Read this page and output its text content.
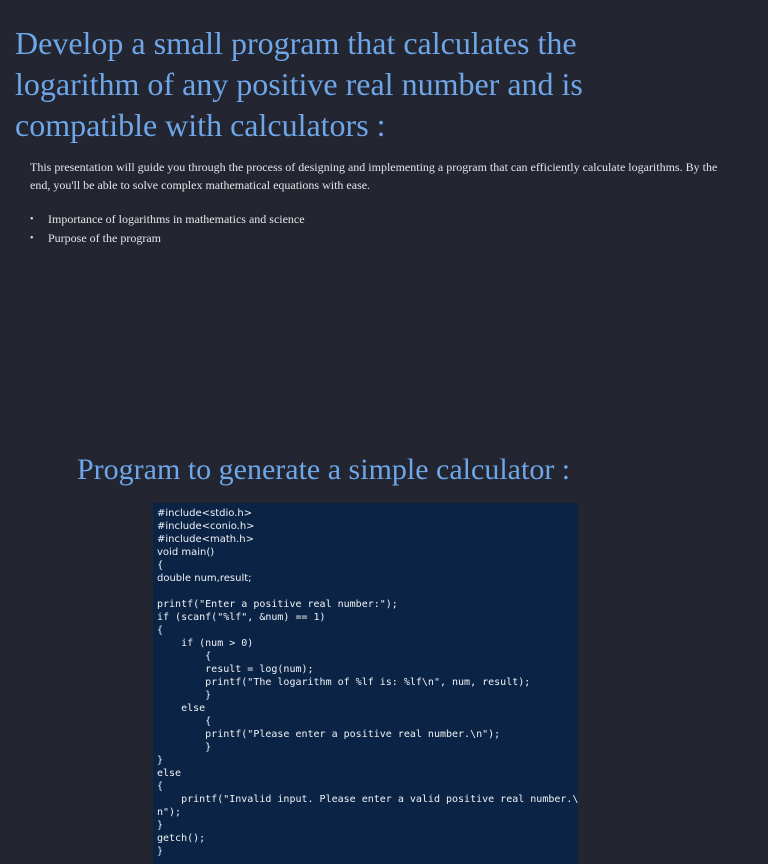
Develop a small program that calculates the logarithm of any positive real number and is compatible with calculators :

This presentation will guide you through the process of designing and implementing a program that can efficiently calculate logarithms. By the end, you'll be able to solve complex mathematical equations with ease.

• Importance of logarithms in mathematics and science
• Purpose of the program
Program to generate a simple calculator :
#include<stdio.h>
#include<conio.h>
#include<math.h>
void main()
{
double num,result;
printf("Enter a positive real number:");
if (scanf("%lf", &num) == 1)
{
if (num > 0)
{
result = log(num);
printf("The logarithm of %lf is: %lf\n", num, result);
}
else
{
printf("Please enter a positive real number.\n");
}
}
else
{
printf("Invalid input. Please enter a valid positive real number.\
n");
}
getch();
}
